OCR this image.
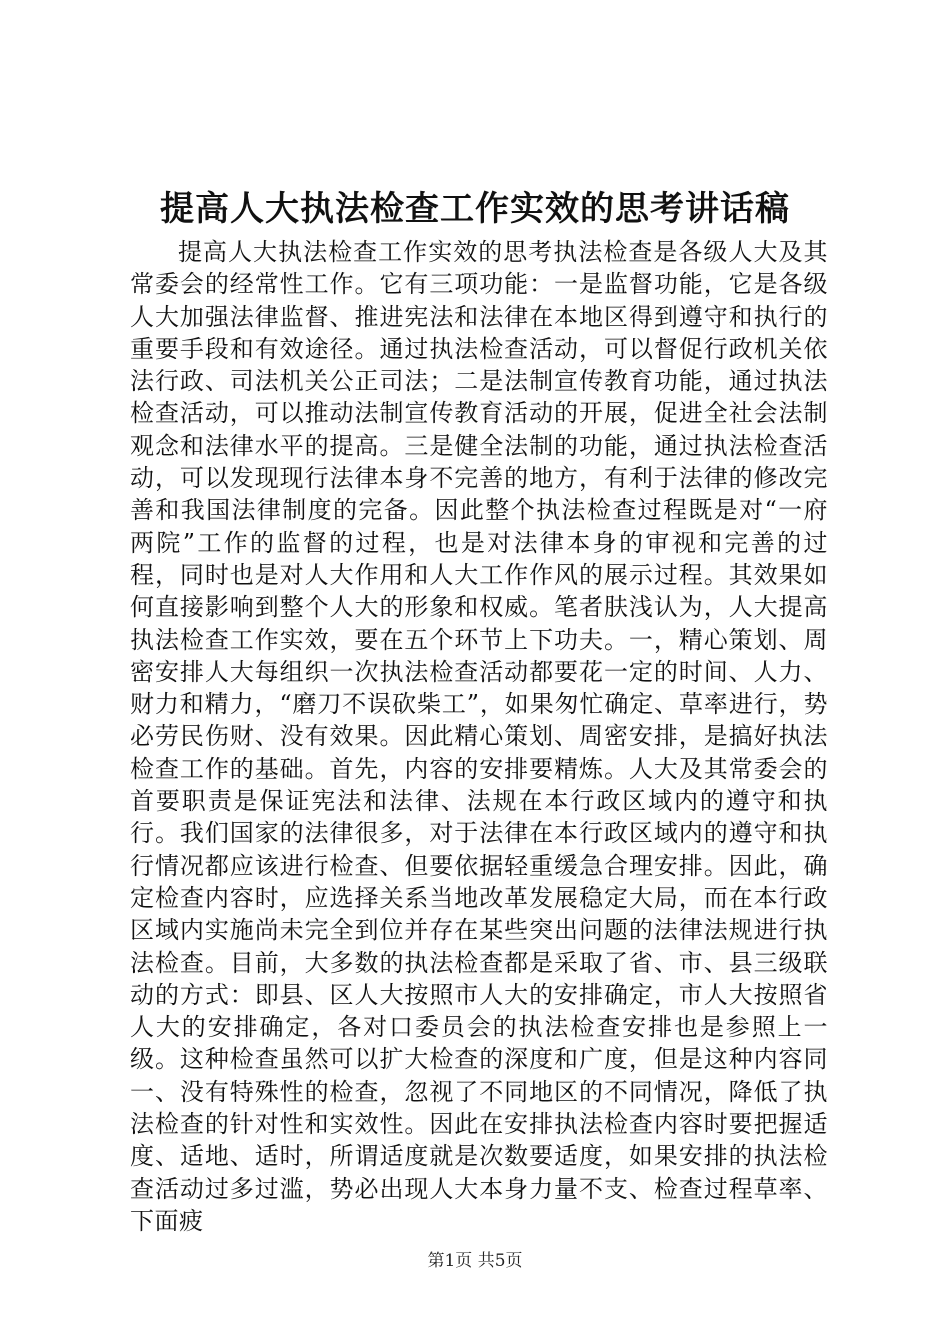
提高人大执法检查工作实效的思考讲话稿

提高人大执法检查工作实效的思考执法检查是各级人大及其常委会的经常性工作。它有三项功能：一是监督功能，它是各级人大加强法律监督、推进宪法和法律在本地区得到遵守和执行的重要手段和有效途径。通过执法检查活动，可以督促行政机关依法行政、司法机关公正司法；二是法制宣传教育功能，通过执法检查活动，可以推动法制宣传教育活动的开展，促进全社会法制观念和法律水平的提高。三是健全法制的功能，通过执法检查活动，可以发现现行法律本身不完善的地方，有利于法律的修改完善和我国法律制度的完备。因此整个执法检查过程既是对“一府两院”工作的监督的过程，也是对法律本身的审视和完善的过程，同时也是对人大作用和人大工作作风的展示过程。其效果如何直接影响到整个人大的形象和权威。笔者肤浅认为，人大提高执法检查工作实效，要在五个环节上下功夫。一，精心策划、周密安排人大每组织一次执法检查活动都要花一定的时间、人力、财力和精力，“磨刀不误砍柴工”，如果匆忙确定、草率进行，势必劳民伤财、没有效果。因此精心策划、周密安排，是搞好执法检查工作的基础。首先，内容的安排要精炼。人大及其常委会的首要职责是保证宪法和法律、法规在本行政区域内的遵守和执行。我们国家的法律很多，对于法律在本行政区域内的遵守和执行情况都应该进行检查、但要依据轻重缓急合理安排。因此，确定检查内容时，应选择关系当地改革发展稳定大局，而在本行政区域内实施尚未完全到位并存在某些突出问题的法律法规进行执法检查。目前，大多数的执法检查都是采取了省、市、县三级联动的方式：即县、区人大按照市人大的安排确定，市人大按照省人大的安排确定，各对口委员会的执法检查安排也是参照上一级。这种检查虽然可以扩大检查的深度和广度，但是这种内容同一、没有特殊性的检查，忽视了不同地区的不同情况，降低了执法检查的针对性和实效性。因此在安排执法检查内容时要把握适度、适地、适时，所谓适度就是次数要适度，如果安排的执法检查活动过多过滥，势必出现人大本身力量不支、检查过程草率、下面疲

第1页 共5页
